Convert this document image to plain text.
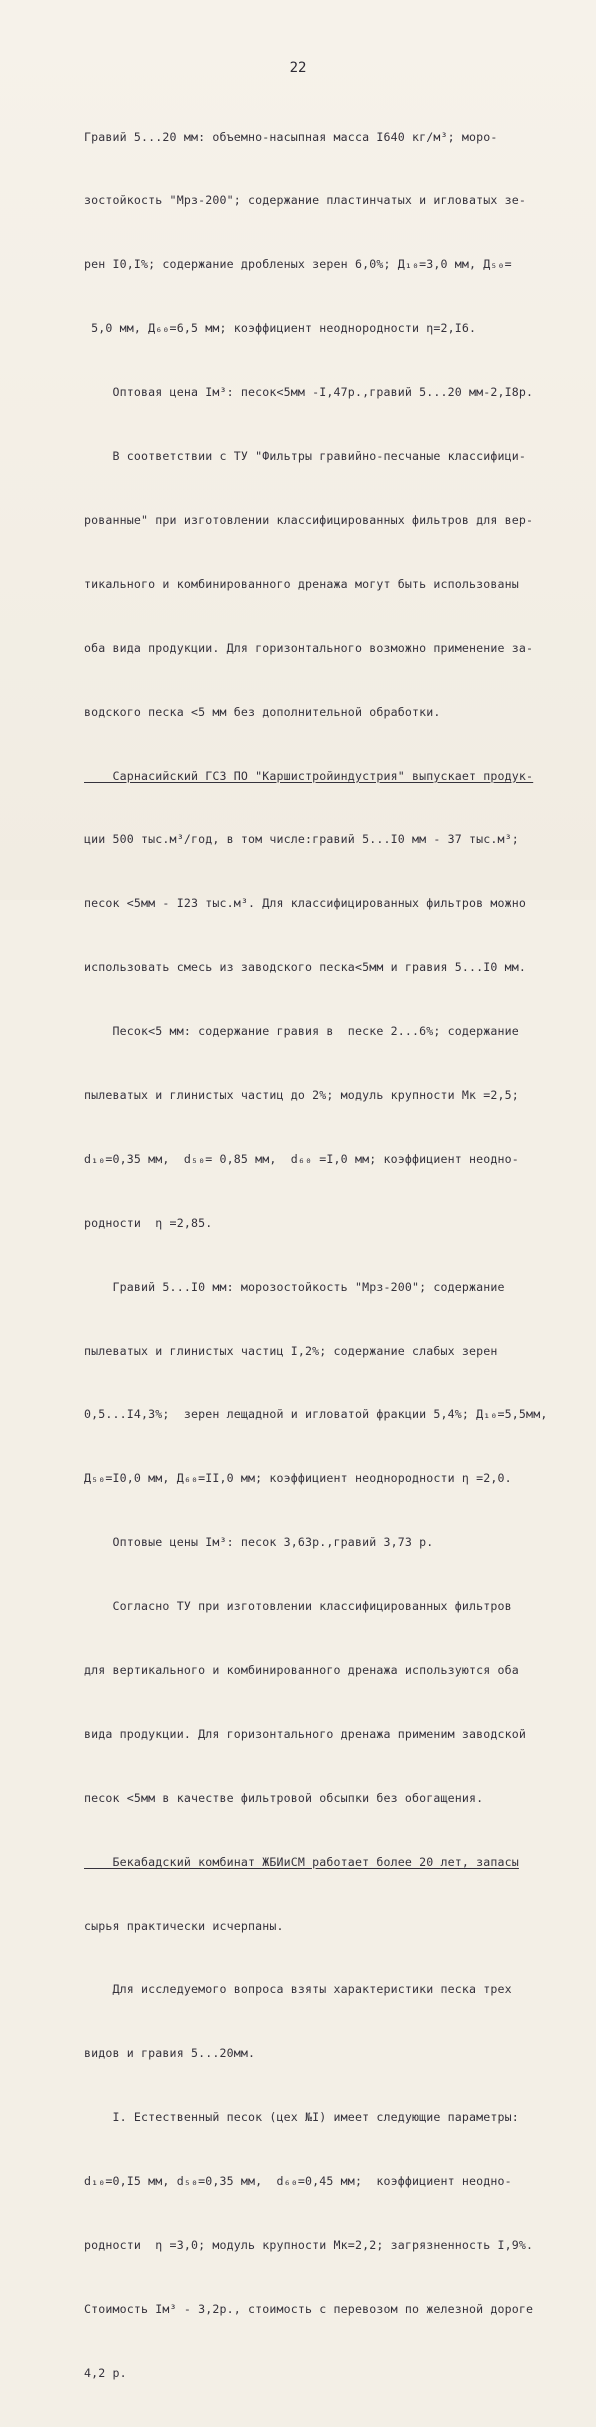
22

Гравий 5...20 мм: объемно-насыпная масса I640 кг/м³; моро-

зостойкость "Мрз-200"; содержание пластинчатых и игловатых зе-

рен I0,I%; содержание дробленых зерен 6,0%; Д₁₀=3,0 мм, Д₅₀=

5,0 мм, Д₆₀=6,5 мм; коэффициент неоднородности η=2,I6.

Оптовая цена Iм³: песок<5мм -I,47р.,гравий 5...20 мм-2,I8р.

В соответствии с ТУ "Фильтры гравийно-песчаные классифици-

рованные" при изготовлении классифицированных фильтров для вер-

тикального и комбинированного дренажа могут быть использованы

оба вида продукции. Для горизонтального возможно применение за-

водского песка <5 мм без дополнительной обработки.

Сарнасийский ГСЗ ПО "Каршистройиндустрия" выпускает продук-

ции 500 тыс.м³/год, в том числе:гравий 5...I0 мм - 37 тыс.м³;

песок <5мм - I23 тыс.м³. Для классифицированных фильтров можно

использовать смесь из заводского песка<5мм и гравия 5...I0 мм.

Песок<5 мм: содержание гравия в  песке 2...6%; содержание

пылеватых и глинистых частиц до 2%; модуль крупности Мк =2,5;

d₁₀=0,35 мм,  d₅₀= 0,85 мм,  d₆₀ =I,0 мм; коэффициент неодно-

родности  η =2,85.

Гравий 5...I0 мм: морозостойкость "Мрз-200"; содержание

пылеватых и глинистых частиц I,2%; содержание слабых зерен

0,5...I4,3%;  зерен лещадной и игловатой фракции 5,4%; Д₁₀=5,5мм,

Д₅₀=I0,0 мм, Д₆₀=II,0 мм; коэффициент неоднородности η =2,0.

Оптовые цены Iм³: песок 3,63р.,гравий 3,73 р.

Согласно ТУ при изготовлении классифицированных фильтров

для вертикального и комбинированного дренажа используются оба

вида продукции. Для горизонтального дренажа применим заводской

песок <5мм в качестве фильтровой обсыпки без обогащения.

Бекабадский комбинат ЖБИиСМ работает более 20 лет, запасы

сырья практически исчерпаны.

Для исследуемого вопроса взяты характеристики песка трех

видов и гравия 5...20мм.

I. Естественный песок (цех №I) имеет следующие параметры:

d₁₀=0,I5 мм, d₅₀=0,35 мм,  d₆₀=0,45 мм;  коэффициент неодно-

родности  η =3,0; модуль крупности Мк=2,2; загрязненность I,9%.

Стоимость Iм³ - 3,2р., стоимость с перевозом по железной дороге

4,2 р.
